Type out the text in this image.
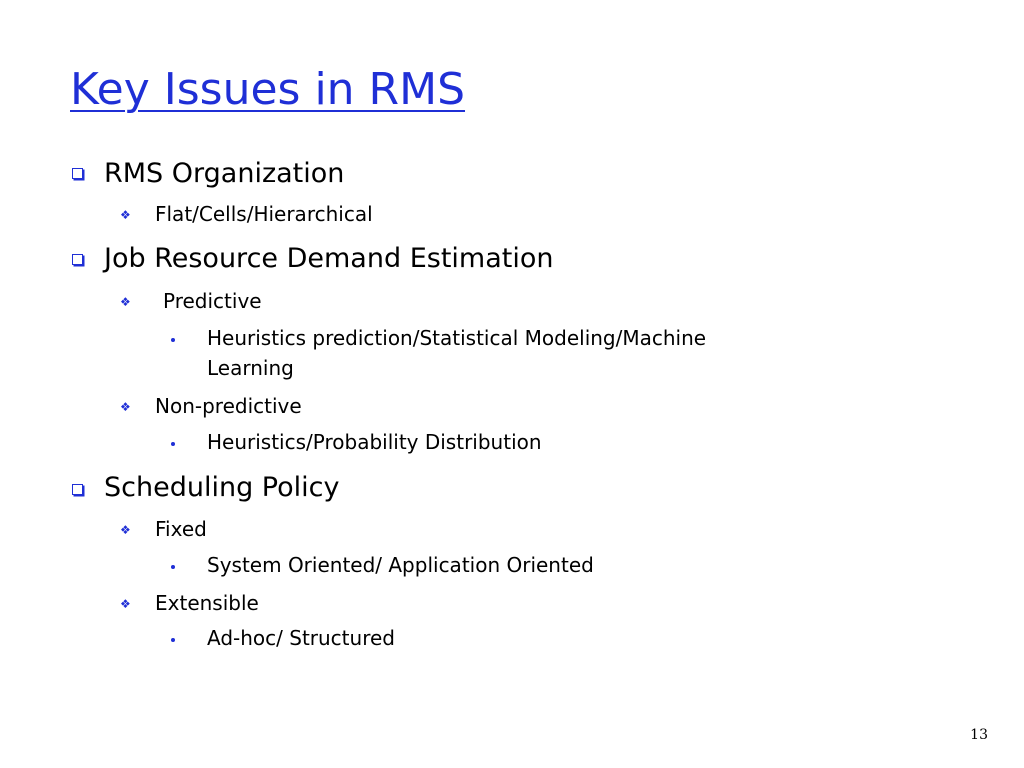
Key Issues in RMS
RMS Organization
❖ Flat/Cells/Hierarchical
Job Resource Demand Estimation
❖ Predictive
Heuristics prediction/Statistical Modeling/Machine
Learning
❖ Non-predictive
Heuristics/Probability Distribution
Scheduling Policy
❖ Fixed
System Oriented/ Application Oriented
❖ Extensible
Ad-hoc/ Structured
13
